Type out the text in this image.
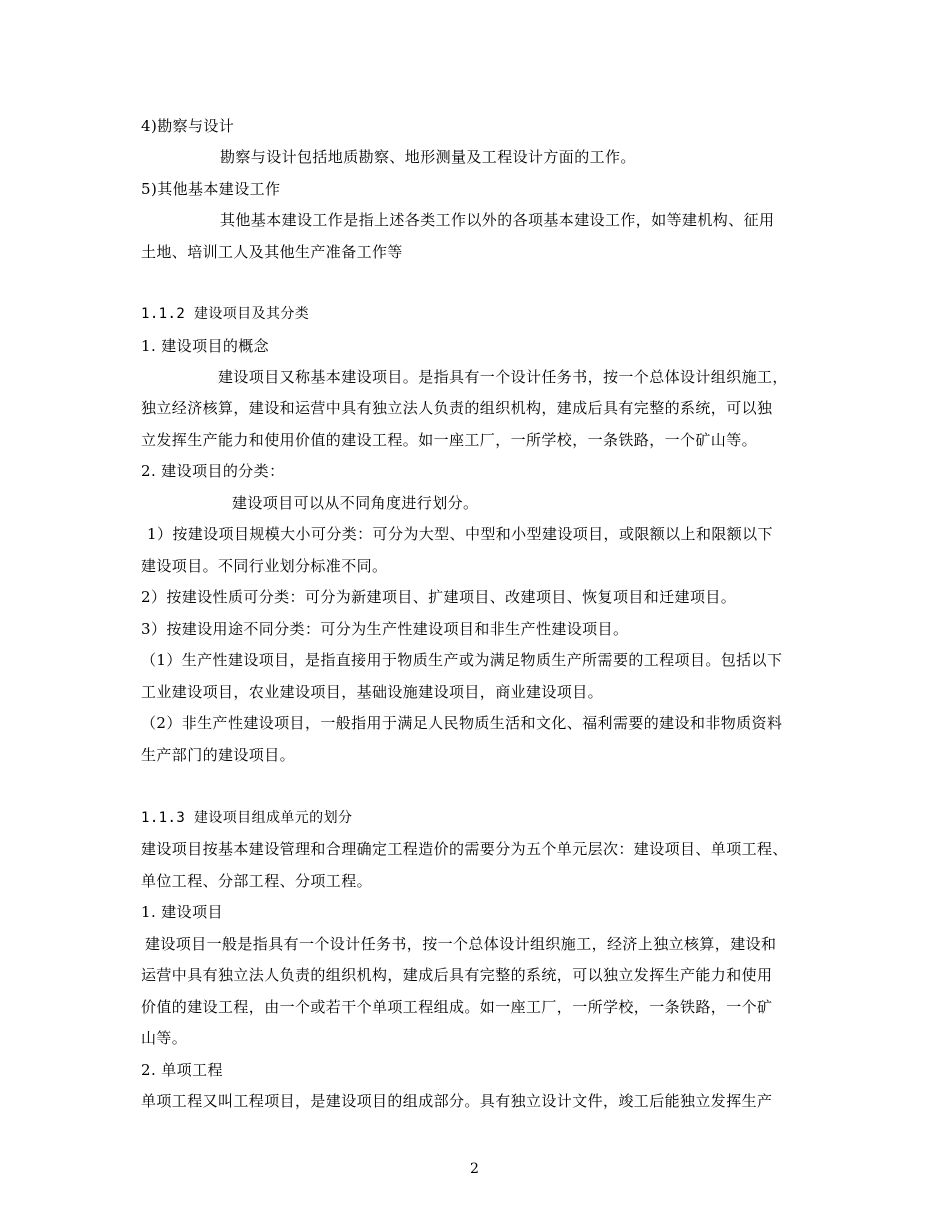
4)勘察与设计
勘察与设计包括地质勘察、地形测量及工程设计方面的工作。
5)其他基本建设工作
其他基本建设工作是指上述各类工作以外的各项基本建设工作，如等建机构、征用
土地、培训工人及其他生产准备工作等
1.1.2 建设项目及其分类
1. 建设项目的概念
建设项目又称基本建设项目。是指具有一个设计任务书，按一个总体设计组织施工，
独立经济核算，建设和运营中具有独立法人负责的组织机构，建成后具有完整的系统，可以独
立发挥生产能力和使用价值的建设工程。如一座工厂，一所学校，一条铁路，一个矿山等。
2. 建设项目的分类：
建设项目可以从不同角度进行划分。
1）按建设项目规模大小可分类：可分为大型、中型和小型建设项目，或限额以上和限额以下
建设项目。不同行业划分标准不同。
2）按建设性质可分类：可分为新建项目、扩建项目、改建项目、恢复项目和迁建项目。
3）按建设用途不同分类：可分为生产性建设项目和非生产性建设项目。
（1）生产性建设项目，是指直接用于物质生产或为满足物质生产所需要的工程项目。包括以下
工业建设项目，农业建设项目，基础设施建设项目，商业建设项目。
（2）非生产性建设项目，一般指用于满足人民物质生活和文化、福利需要的建设和非物质资料
生产部门的建设项目。
1.1.3 建设项目组成单元的划分
建设项目按基本建设管理和合理确定工程造价的需要分为五个单元层次：建设项目、单项工程、
单位工程、分部工程、分项工程。
1. 建设项目
建设项目一般是指具有一个设计任务书，按一个总体设计组织施工，经济上独立核算，建设和
运营中具有独立法人负责的组织机构，建成后具有完整的系统，可以独立发挥生产能力和使用
价值的建设工程，由一个或若干个单项工程组成。如一座工厂，一所学校，一条铁路，一个矿
山等。
2. 单项工程
单项工程又叫工程项目，是建设项目的组成部分。具有独立设计文件，竣工后能独立发挥生产
2
